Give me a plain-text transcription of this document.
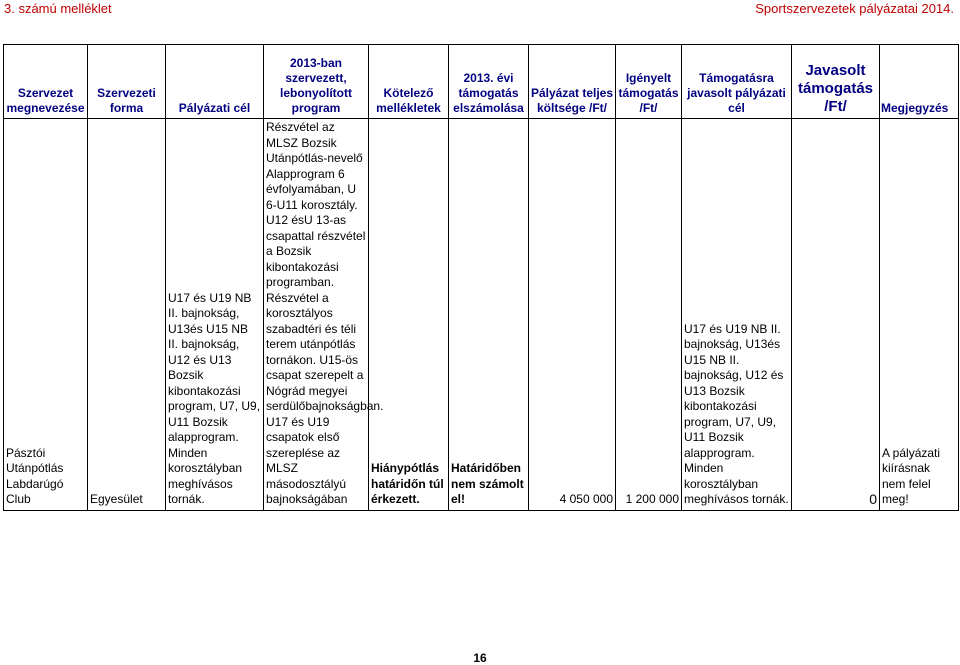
3. számú melléklet	Sportszervezetek pályázatai 2014.
Szervezet megnevezése	Szervezeti forma	Pályázati cél	2013-ban szervezett, lebonyolított program	Kötelező mellékletek	2013. évi támogatás elszámolása	Pályázat teljes költsége /Ft/	Igényelt támogatás /Ft/	Támogatásra javasolt pályázati cél	Javasolt támogatás /Ft/	Megjegyzés
Pásztói Utánpótlás Labdarúgó Club	Egyesület	U17 és U19 NB II. bajnokság, U13és U15 NB II. bajnokság, U12 és U13 Bozsik kibontakozási program, U7, U9, U11 Bozsik alapprogram. Minden korosztályban meghívásos tornák.	Részvétel az MLSZ Bozsik Utánpótlás-nevelő Alapprogram 6 évfolyamában, U 6-U11 korosztály. U12 ésU 13-as csapattal részvétel a Bozsik kibontakozási programban. Részvétel a korosztályos szabadtéri és téli terem utánpótlás tornákon. U15-ös csapat szerepelt a Nógrád megyei serdülőbajnokságban. U17 és U19 csapatok első szereplése az MLSZ másodosztályú bajnokságában	Hiánypótlás határidőn túl érkezett.	Határidőben nem számolt el!	4 050 000	1 200 000	U17 és U19 NB II. bajnokság, U13és U15 NB II. bajnokság, U12 és U13 Bozsik kibontakozási program, U7, U9, U11 Bozsik alapprogram. Minden korosztályban meghívásos tornák.	0	A pályázati kiírásnak nem felel meg!
16
